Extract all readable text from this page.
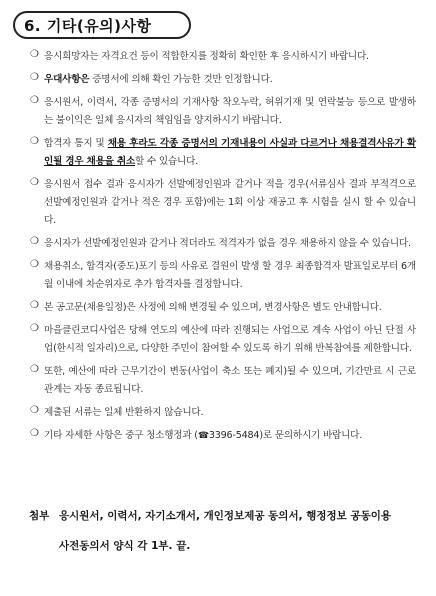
6. 기타(유의)사항
❍ 응시희망자는 자격요건 등이 적합한지를 정확히 확인한 후 응시하시기 바랍니다.
❍ 우대사항은 증명서에 의해 확인 가능한 것만 인정합니다.
❍ 응시원서, 이력서, 각종 증명서의 기재사항 착오누락, 허위기재 및 연락불능 등으로 발생하는 불이익은 일체 응시자의 책임임을 양지하시기 바랍니다.
❍ 합격자 통지 및 채용 후라도 각종 증명서의 기재내용이 사실과 다르거나 채용결격사유가 확인될 경우 채용을 취소할 수 있습니다.
❍ 응시원서 접수 결과 응시자가 선발예정인원과 같거나 적을 경우(서류심사 결과 부적격으로 선발예정인원과 같거나 적은 경우 포함)에는 1회 이상 재공고 후 시험을 실시 할 수 있습니다.
❍ 응시자가 선발예정인원과 같거나 적더라도 적격자가 없을 경우 채용하지 않을 수 있습니다.
❍ 채용취소, 합격자(중도)포기 등의 사유로 결원이 발생 할 경우 최종합격자 발표일로부터 6개월 이내에 차순위자로 추가 합격자를 결정합니다.
❍ 본 공고문(채용일정)은 사정에 의해 변경될 수 있으며, 변경사항은 별도 안내합니다.
❍ 마을클린코디사업은 당해 연도의 예산에 따라 진행되는 사업으로 계속 사업이 아닌 단절 사업(한시적 일자리)으로, 다양한 주민이 참여할 수 있도록 하기 위해 반복참여를 제한합니다.
❍ 또한, 예산에 따라 근무기간이 변동(사업이 축소 또는 폐지)될 수 있으며, 기간만료 시 근로관계는 자동 종료됩니다.
❍ 제출된 서류는 일체 반환하지 않습니다.
❍ 기타 자세한 사항은 중구 청소행정과 (☎3396-5484)로 문의하시기 바랍니다.
첨부 응시원서, 이력서, 자기소개서, 개인정보제공 동의서, 행정정보 공동이용
사전동의서 양식 각 1부. 끝.
